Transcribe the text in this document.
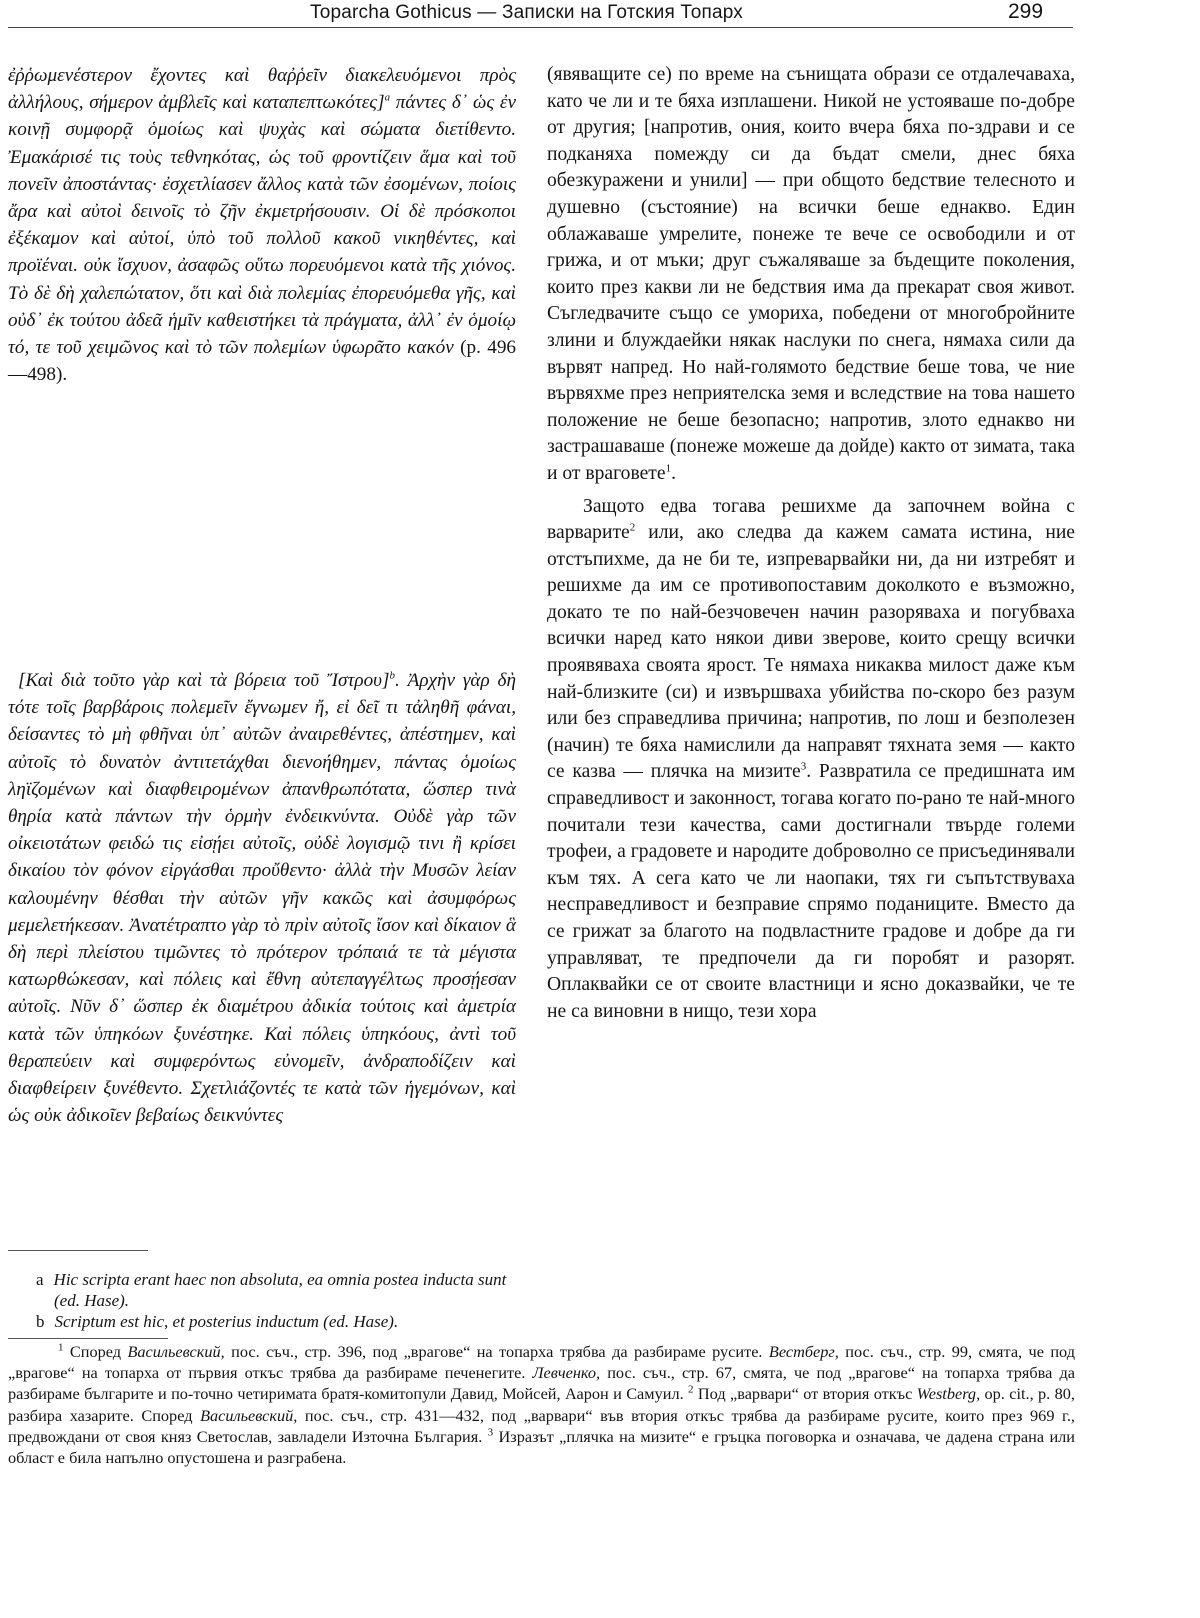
Toparcha Gothicus — Записки на Готския Топарх	299

ἐῤῥωμενέστερον ἔχοντες καὶ θαῤῥεῖν διακελευόμενοι πρὸς ἀλλήλους, σήμερον ἀμβλεῖς καὶ καταπεπτωκότες]$^a$ πάντες δ᾽ ὡς ἐν κοινῇ συμφορᾷ ὁμοίως καὶ ψυχὰς καὶ σώματα διετίθεντο. Ἐμακάρισέ τις τοὺς τεθνηκότας, ὡς τοῦ φροντίζειν ἅμα καὶ τοῦ πονεῖν ἀποστάντας· ἐσχετλίασεν ἄλλος κατὰ τῶν ἐσομένων, ποίοις ἄρα καὶ αὐτοὶ δεινοῖς τὸ ζῆν ἐκμετρήσουσιν. Οἱ δὲ πρόσκοποι ἐξέκαμον καὶ αὐτοί, ὑπὸ τοῦ πολλοῦ κακοῦ νικηθέντες, καὶ προϊέναι. οὐκ ἴσχυον, ἀσαφῶς οὕτω πορευόμενοι κατὰ τῆς χιόνος. Τὸ δὲ δὴ χαλεπώτατον, ὅτι καὶ διὰ πολεμίας ἐπορευόμεθα γῆς, καὶ οὐδ᾽ ἐκ τούτου ἀδεᾶ ἡμῖν καθειστήκει τὰ πράγματα, ἀλλ᾽ ἐν ὁμοίῳ τό, τε τοῦ χειμῶνος καὶ τὸ τῶν πολεμίων ὑφωρᾶτο κακόν (p. 496—498).

[Καὶ διὰ τοῦτο γὰρ καὶ τὰ βόρεια τοῦ Ἴστρου]$^b$. Ἀρχὴν γὰρ δὴ τότε τοῖς βαρβάροις πολεμεῖν ἔγνωμεν ἤ, εἰ δεῖ τι τἀληθῆ φάναι, δείσαντες τὸ μὴ φθῆναι ὑπ᾽ αὐτῶν ἀναιρεθέντες, ἀπέστημεν, καὶ αὐτοῖς τὸ δυνατὸν ἀντιτετάχθαι διενοήθημεν, πάντας ὁμοίως ληϊζομένων καὶ διαφθειρομένων ἀπανθρωπότατα, ὥσπερ τινὰ θηρία κατὰ πάντων τὴν ὁρμὴν ἐνδεικνύντα. Οὐδὲ γὰρ τῶν οἰκειοτάτων φειδώ τις εἰσῄει αὐτοῖς, οὐδὲ λογισμῷ τινι ἢ κρίσει δικαίου τὸν φόνον εἰργάσθαι προὔθεντο· ἀλλὰ τὴν Μυσῶν λείαν καλουμένην θέσθαι τὴν αὐτῶν γῆν κακῶς καὶ ἀσυμφόρως μεμελετήκεσαν. Ἀνατέτραπτο γὰρ τὸ πρὶν αὐτοῖς ἴσον καὶ δίκαιον ἃ δὴ περὶ πλείστου τιμῶντες τὸ πρότερον τρόπαιά τε τὰ μέγιστα κατωρθώκεσαν, καὶ πόλεις καὶ ἔθνη αὐτεπαγγέλτως προσῄεσαν αὐτοῖς. Νῦν δ᾽ ὥσπερ ἐκ διαμέτρου ἀδικία τούτοις καὶ ἀμετρία κατὰ τῶν ὑπηκόων ξυνέστηκε. Καὶ πόλεις ὑπηκόους, ἀντὶ τοῦ θεραπεύειν καὶ συμφερόντως εὐνομεῖν, ἀνδραποδίζειν καὶ διαφθείρειν ξυνέθεντο. Σχετλιάζοντές τε κατὰ τῶν ἡγεμόνων, καὶ ὡς οὐκ ἀδικοῖεν βεβαίως δεικνύντες

a Hic scripta erant haec non absoluta, ea omnia postea inducta sunt (ed. Hase).

b Scriptum est hic, et posterius inductum (ed. Hase).

(явяващите се) по време на сънищата образи се отдалечаваха, като че ли и те бяха изплашени. Никой не устояваше по-добре от другия; [напротив, ония, които вчера бяха по-здрави и се подканяха помежду си да бъдат смели, днес бяха обезкуражени и унили] — при общото бедствие телесното и душевно (състояние) на всички беше еднакво. Един облажаваше умрелите, понеже те вече се освободили и от грижа, и от мъки; друг съжаляваше за бъдещите поколения, които през какви ли не бедствия има да прекарат своя живот. Съгледвачите също се умориха, победени от многобройните злини и блуждаейки някак наслуки по снега, нямаха сили да вървят напред. Но най-голямото бедствие беше това, че ние вървяхме през неприятелска земя и вследствие на това нашето положение не беше безопасно; напротив, злото еднакво ни застрашаваше (понеже можеше да дойде) както от зимата, така и от враговете$^1$.

Защото едва тогава решихме да започнем война с варварите$^2$ или, ако следва да кажем самата истина, ние отстъпихме, да не би те, изпреварвайки ни, да ни изтребят и решихме да им се противопоставим доколкото е възможно, докато те по най-безчовечен начин разоряваха и погубваха всички наред като някои диви зверове, които срещу всички проявяваха своята ярост. Те нямаха никаква милост даже към най-близките (си) и извършваха убийства по-скоро без разум или без справедлива причина; напротив, по лош и безполезен (начин) те бяха намислили да направят тяхната земя — както се казва — плячка на мизите$^3$. Развратила се предишната им справедливост и законност, тогава когато по-рано те най-много почитали тези качества, сами достигнали твърде големи трофеи, а градовете и народите доброволно се присъединявали към тях. А сега като че ли наопаки, тях ги съпътствуваха несправедливост и безправие спрямо поданиците. Вместо да се грижат за благото на подвластните градове и добре да ги управляват, те предпочели да ги поробят и разорят. Оплаквайки се от своите властници и ясно доказвайки, че те не са виновни в нищо, тези хора

$^1$ Според Васильевский, пос. съч., стр. 396, под „врагове“ на топарха трябва да разбираме русите. Вестберг, пос. съч., стр. 99, смята, че под „врагове“ на топарха от първия откъс трябва да разбираме печенегите. Левченко, пос. съч., стр. 67, смята, че под „врагове“ на топарха трябва да разбираме българите и по-точно четиримата братя-комитопули Давид, Мойсей, Аарон и Самуил. $^2$ Под „варвари“ от втория откъс Westberg, op. cit., p. 80, разбира хазарите. Според Васильевский, пос. съч., стр. 431—432, под „варвари“ във втория откъс трябва да разбираме русите, които през 969 г., предвождани от своя княз Светослав, завладели Източна България. $^3$ Изразът „плячка на мизите“ е гръцка поговорка и означава, че дадена страна или област е била напълно опустошена и разграбена.
